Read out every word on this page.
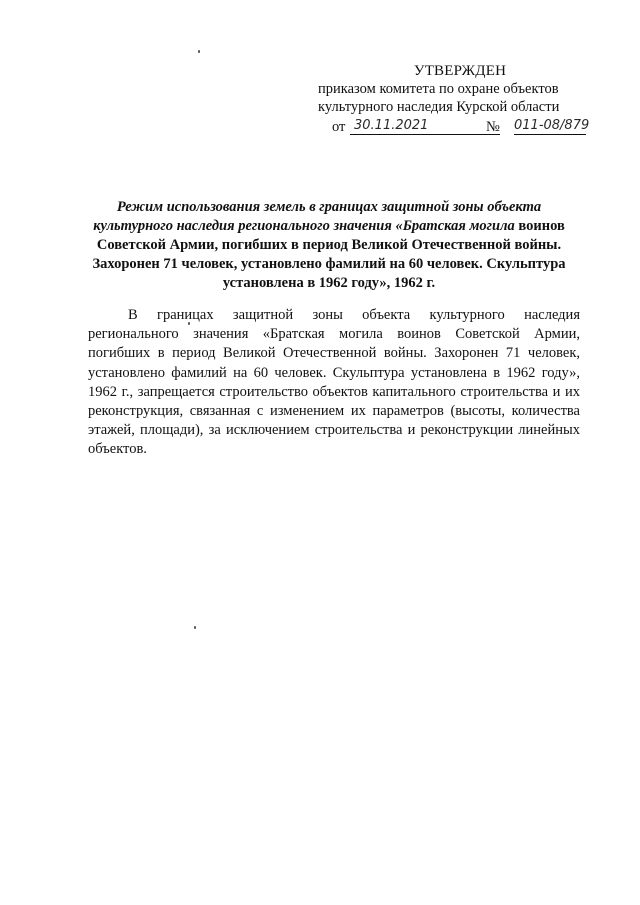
УТВЕРЖДЕН
приказом комитета по охране объектов
культурного наследия Курской области
от 30.11.2021	№ 011-08/879
Режим использования земель в границах защитной зоны объекта культурного наследия регионального значения «Братская могила воинов Советской Армии, погибших в период Великой Отечественной войны. Захоронен 71 человек, установлено фамилий на 60 человек. Скульптура установлена в 1962 году», 1962 г.
В границах защитной зоны объекта культурного наследия регионального значения «Братская могила воинов Советской Армии, погибших в период Великой Отечественной войны. Захоронен 71 человек, установлено фамилий на 60 человек. Скульптура установлена в 1962 году», 1962 г., запрещается строительство объектов капитального строительства и их реконструкция, связанная с изменением их параметров (высоты, количества этажей, площади), за исключением строительства и реконструкции линейных объектов.
